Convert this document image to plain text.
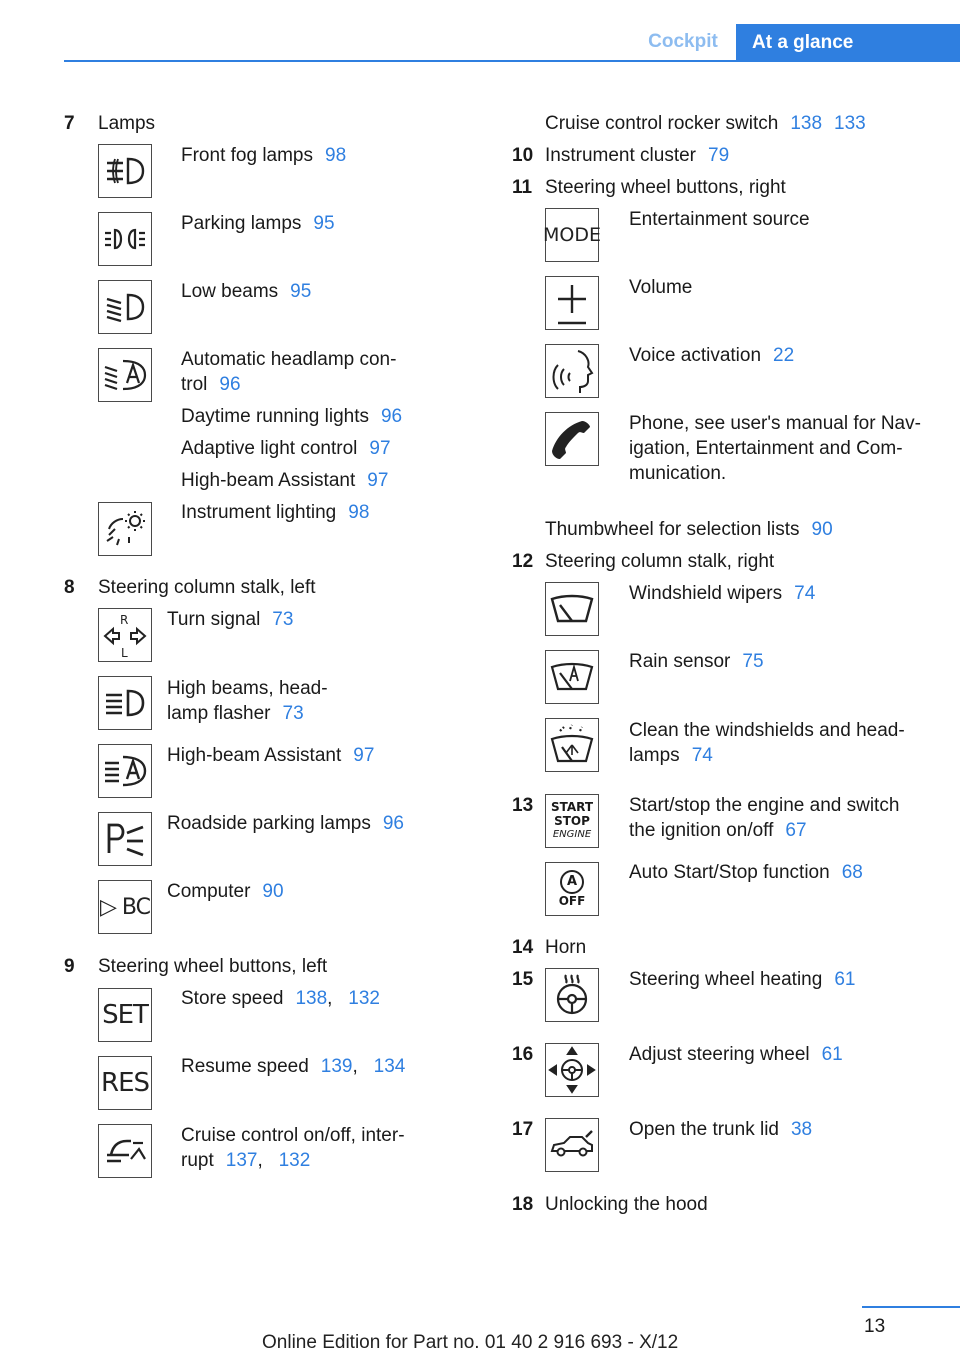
Cockpit	At a glance
7 Lamps
Front fog lamps 98
Parking lamps 95
Low beams 95
Automatic headlamp con-
trol 96
Daytime running lights 96
Adaptive light control 97
High-beam Assistant 97
Instrument lighting 98
8 Steering column stalk, left
R
L
Turn signal 73
High beams, head-
lamp flasher 73
High-beam Assistant 97
Roadside parking lamps 96
▷ BC
Computer 90
9 Steering wheel buttons, left
SET
Store speed 138,   132
RES
Resume speed 139,   134
Cruise control on/off, inter-
rupt 137,   132
Cruise control rocker switch 138 133
10 Instrument cluster 79
11 Steering wheel buttons, right
MODE
Entertainment source
Volume
Voice activation 22
Phone, see user's manual for Nav-
igation, Entertainment and Com-
munication.
Thumbwheel for selection lists 90
12 Steering column stalk, right
Windshield wipers 74
Rain sensor 75
Clean the windshields and head-
lamps 74
13 START
STOP
ENGINE
Start/stop the engine and switch
the ignition on/off 67
A
OFF
Auto Start/Stop function 68
14 Horn
15	Steering wheel heating 61
16	Adjust steering wheel 61
17	Open the trunk lid 38
18 Unlocking the hood
13
Online Edition for Part no. 01 40 2 916 693 - X/12
